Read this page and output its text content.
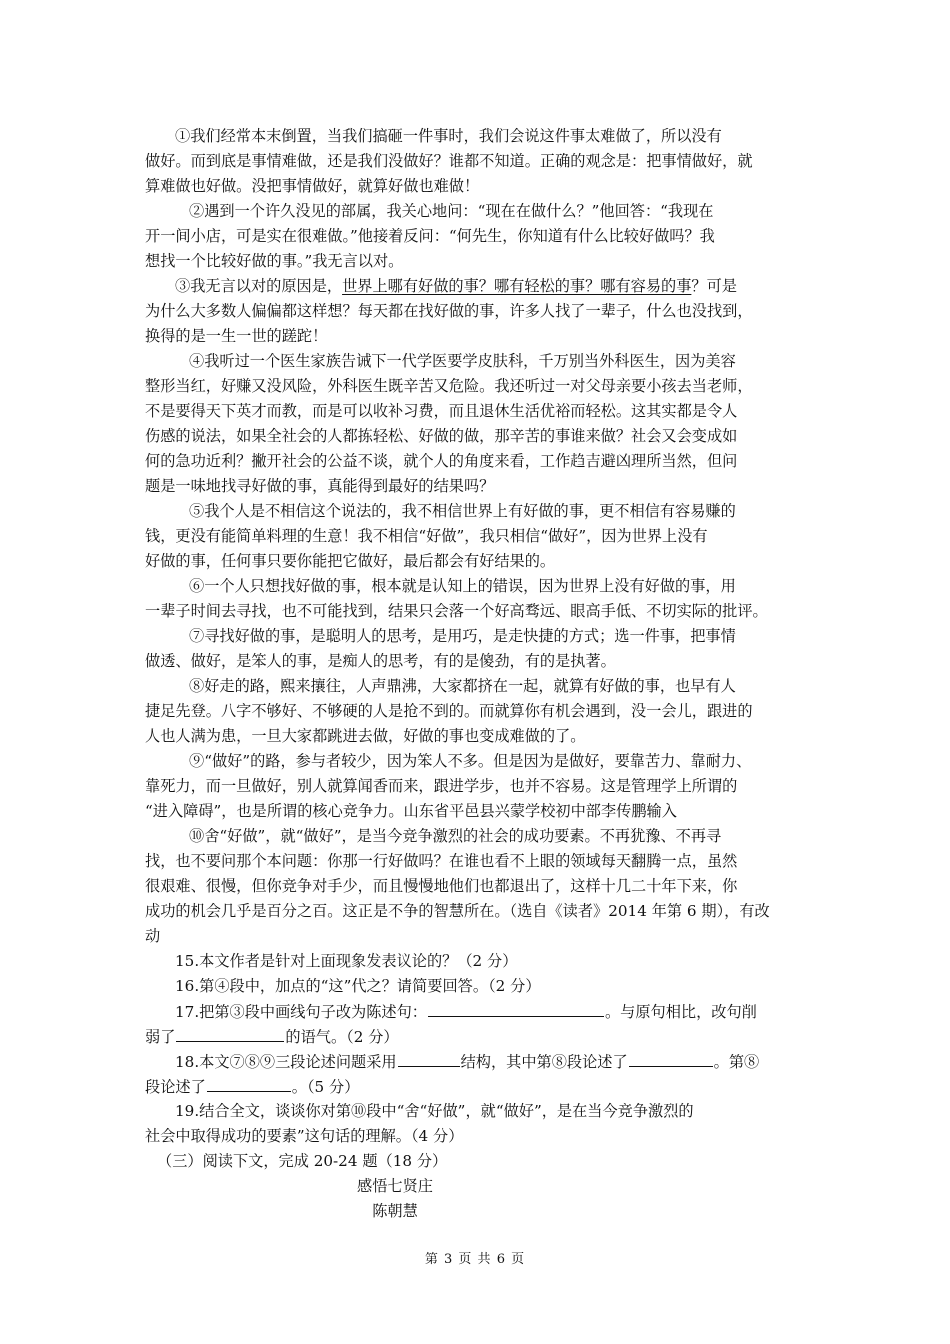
①我们经常本末倒置，当我们搞砸一件事时，我们会说这件事太难做了，所以没有
做好。而到底是事情难做，还是我们没做好？谁都不知道。正确的观念是：把事情做好，就
算难做也好做。没把事情做好，就算好做也难做！
②遇到一个许久没见的部属，我关心地问：“现在在做什么？”他回答：“我现在
开一间小店，可是实在很难做。”他接着反问：“何先生，你知道有什么比较好做吗？我
想找一个比较好做的事。”我无言以对。
③我无言以对的原因是，世界上哪有好做的事？哪有轻松的事？哪有容易的事？可是
为什么大多数人偏偏都这样想？每天都在找好做的事，许多人找了一辈子，什么也没找到，
换得的是一生一世的蹉跎！
④我听过一个医生家族告诫下一代学医要学皮肤科，千万别当外科医生，因为美容
整形当红，好赚又没风险，外科医生既辛苦又危险。我还听过一对父母亲要小孩去当老师，
不是要得天下英才而教，而是可以收补习费，而且退休生活优裕而轻松。这其实都是令人
伤感的说法，如果全社会的人都拣轻松、好做的做，那辛苦的事谁来做？社会又会变成如
何的急功近利？撇开社会的公益不谈，就个人的角度来看，工作趋吉避凶理所当然，但问
题是一味地找寻好做的事，真能得到最好的结果吗？
⑤我个人是不相信这个说法的，我不相信世界上有好做的事，更不相信有容易赚的
钱，更没有能简单料理的生意！我不相信“好做”，我只相信“做好”，因为世界上没有
好做的事，任何事只要你能把它做好，最后都会有好结果的。
⑥一个人只想找好做的事，根本就是认知上的错误，因为世界上没有好做的事，用
一辈子时间去寻找，也不可能找到，结果只会落一个好高骛远、眼高手低、不切实际的批评。
⑦寻找好做的事，是聪明人的思考，是用巧，是走快捷的方式；选一件事，把事情
做透、做好，是笨人的事，是痴人的思考，有的是傻劲，有的是执著。
⑧好走的路，熙来攘往，人声鼎沸，大家都挤在一起，就算有好做的事，也早有人
捷足先登。八字不够好、不够硬的人是抢不到的。而就算你有机会遇到，没一会儿，跟进的
人也人满为患，一旦大家都跳进去做，好做的事也变成难做的了。
⑨“做好”的路，参与者较少，因为笨人不多。但是因为是做好，要靠苦力、靠耐力、
靠死力，而一旦做好，别人就算闻香而来，跟进学步，也并不容易。这是管理学上所谓的
“进入障碍”，也是所谓的核心竞争力。山东省平邑县兴蒙学校初中部李传鹏输入
⑩舍“好做”，就“做好”，是当今竞争激烈的社会的成功要素。不再犹豫、不再寻
找，也不要问那个本问题：你那一行好做吗？在谁也看不上眼的领域每天翻腾一点，虽然
很艰难、很慢，但你竞争对手少，而且慢慢地他们也都退出了，这样十几二十年下来，你
成功的机会几乎是百分之百。这正是不争的智慧所在。（选自《读者》2014 年第 6 期），有改
动
15.本文作者是针对上面现象发表议论的？（2 分）
16.第④段中，加点的“这”代之？请简要回答。（2 分）
17.把第③段中画线句子改为陈述句：	。与原句相比，改句削
弱了	的语气。（2 分）
18.本文⑦⑧⑨三段论述问题采用	结构，其中第⑧段论述了	。第⑧
段论述了	。（5 分）
19.结合全文，谈谈你对第⑩段中“舍“好做”，就“做好”，是在当今竞争激烈的
社会中取得成功的要素”这句话的理解。（4 分）
（三）阅读下文，完成 20-24 题（18 分）
感悟七贤庄
陈朝慧
第 3 页 共 6 页
